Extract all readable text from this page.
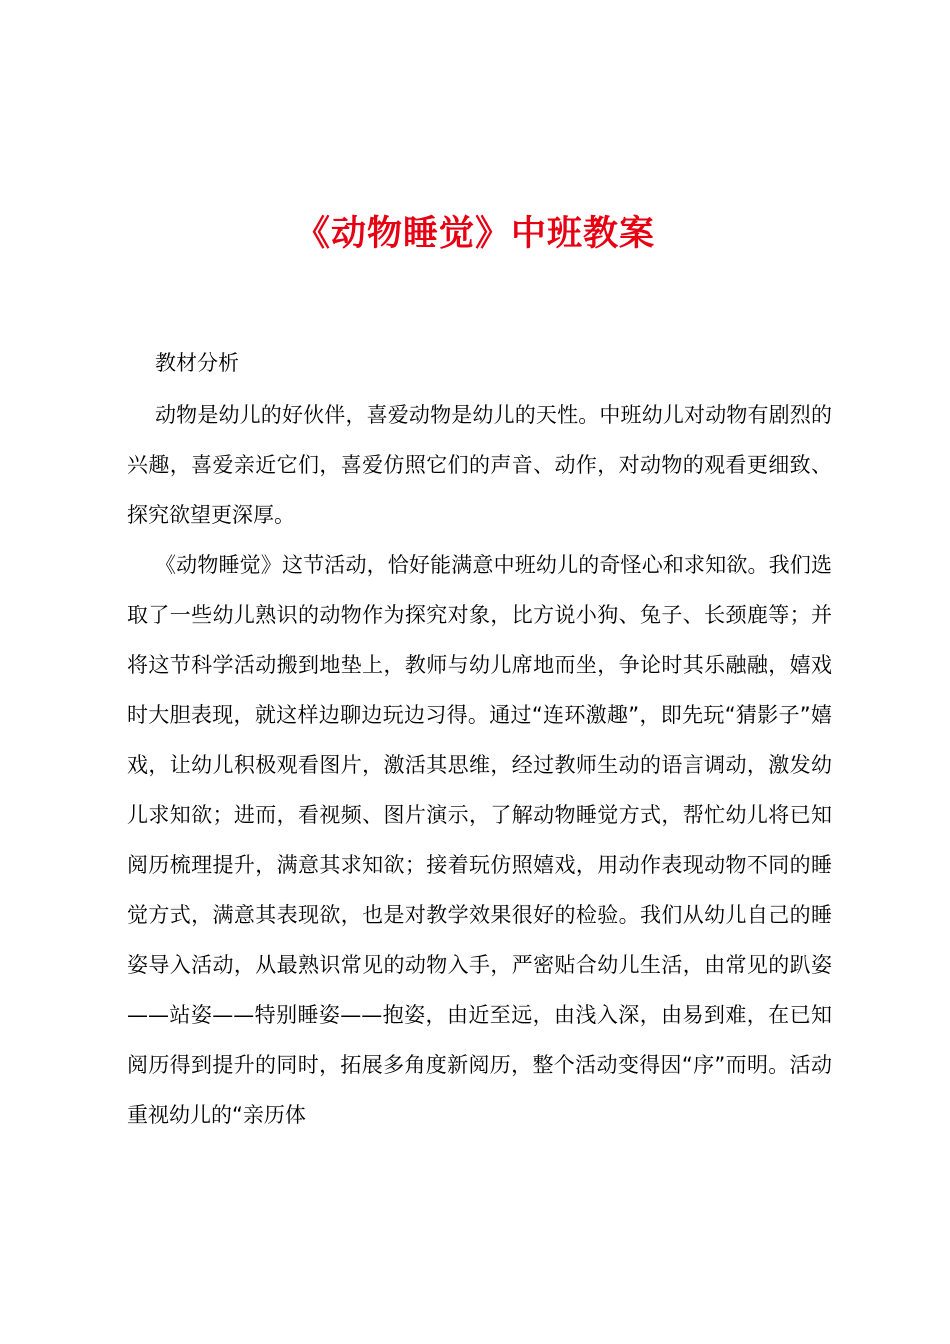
《动物睡觉》中班教案
教材分析

动物是幼儿的好伙伴，喜爱动物是幼儿的天性。中班幼儿对动物有剧烈的兴趣，喜爱亲近它们，喜爱仿照它们的声音、动作，对动物的观看更细致、探究欲望更深厚。

《动物睡觉》这节活动，恰好能满意中班幼儿的奇怪心和求知欲。我们选取了一些幼儿熟识的动物作为探究对象，比方说小狗、兔子、长颈鹿等；并将这节科学活动搬到地垫上，教师与幼儿席地而坐，争论时其乐融融，嬉戏时大胆表现，就这样边聊边玩边习得。通过“连环激趣”，即先玩“猜影子”嬉戏，让幼儿积极观看图片，激活其思维，经过教师生动的语言调动，激发幼儿求知欲；进而，看视频、图片演示，了解动物睡觉方式，帮忙幼儿将已知阅历梳理提升，满意其求知欲；接着玩仿照嬉戏，用动作表现动物不同的睡觉方式，满意其表现欲，也是对教学效果很好的检验。我们从幼儿自己的睡姿导入活动，从最熟识常见的动物入手，严密贴合幼儿生活，由常见的趴姿——站姿——特别睡姿——抱姿，由近至远，由浅入深，由易到难，在已知阅历得到提升的同时，拓展多角度新阅历，整个活动变得因“序”而明。活动重视幼儿的“亲历体
